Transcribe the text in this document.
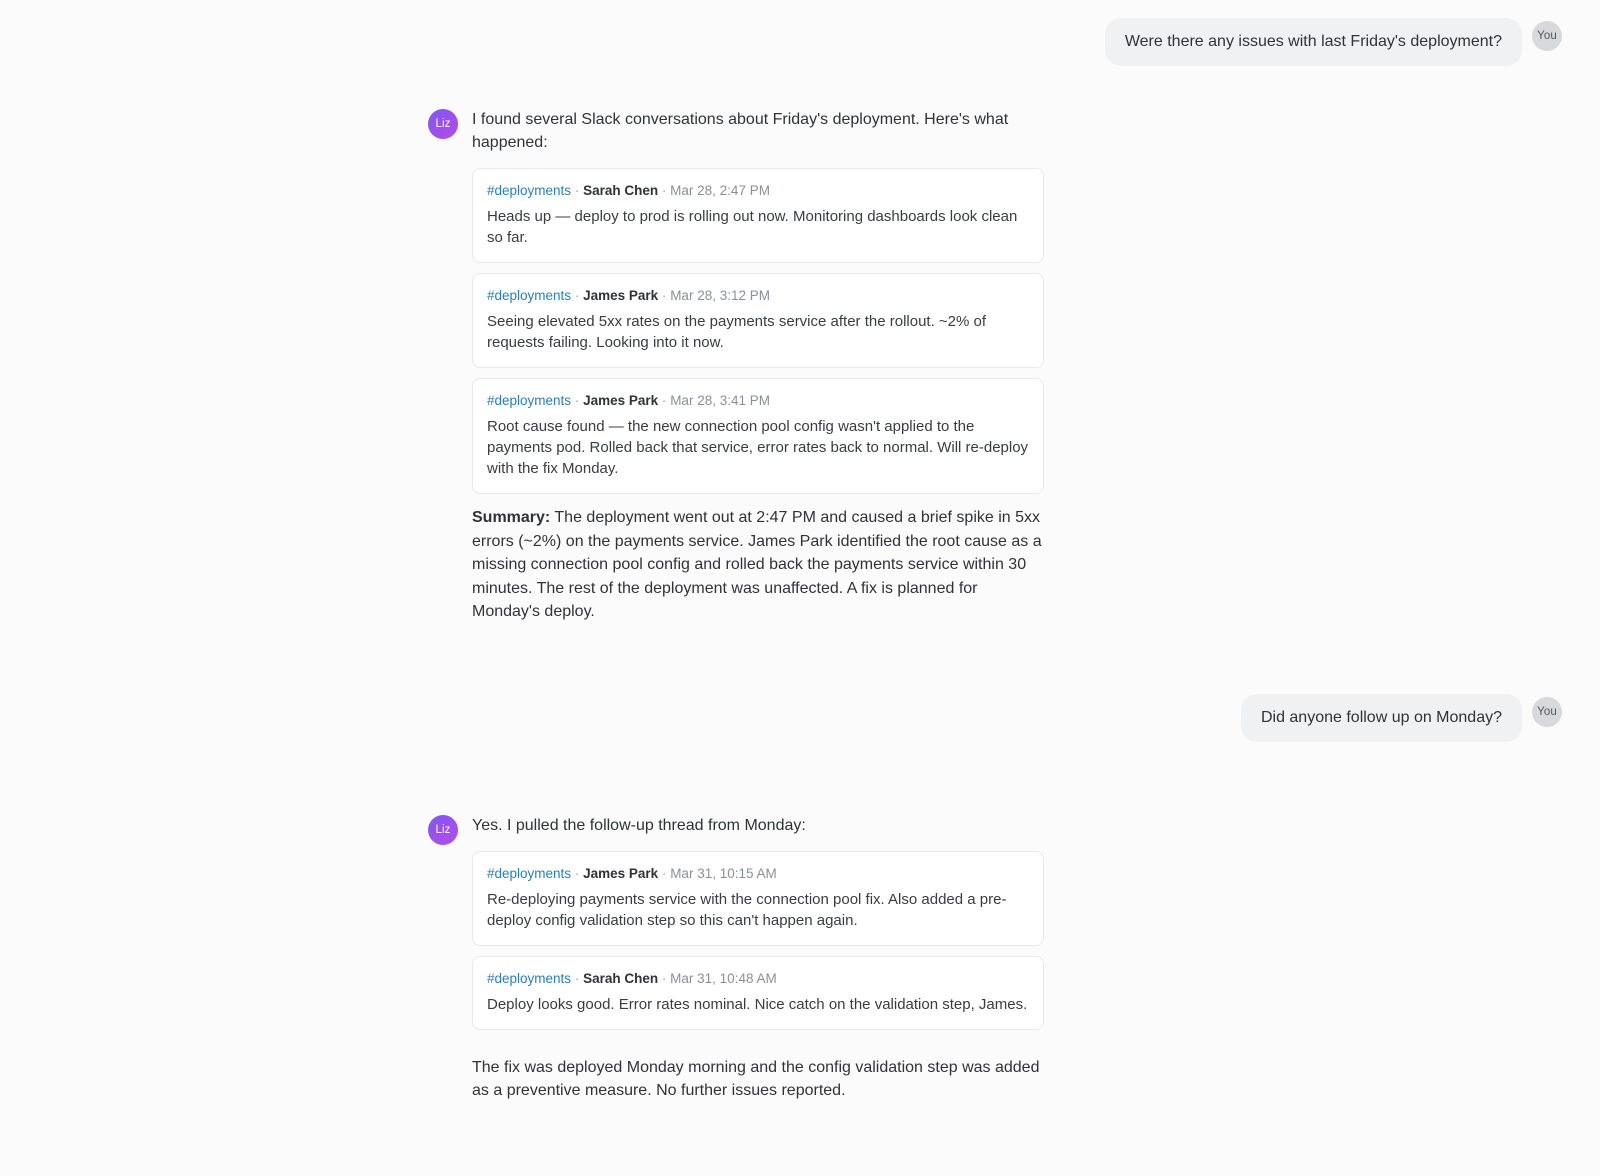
Were there any issues with last Friday's deployment?	You
Liz	I found several Slack conversations about Friday's deployment. Here's what happened:

#deployments · Sarah Chen · Mar 28, 2:47 PM
Heads up — deploy to prod is rolling out now. Monitoring dashboards look clean so far.
#deployments · James Park · Mar 28, 3:12 PM
Seeing elevated 5xx rates on the payments service after the rollout. ~2% of requests failing. Looking into it now.
#deployments · James Park · Mar 28, 3:41 PM
Root cause found — the new connection pool config wasn't applied to the payments pod. Rolled back that service, error rates back to normal. Will re-deploy with the fix Monday.
Summary: The deployment went out at 2:47 PM and caused a brief spike in 5xx errors (~2%) on the payments service. James Park identified the root cause as a missing connection pool config and rolled back the payments service within 30 minutes. The rest of the deployment was unaffected. A fix is planned for Monday's deploy.
Did anyone follow up on Monday?	You
Liz	Yes. I pulled the follow-up thread from Monday:

#deployments · James Park · Mar 31, 10:15 AM
Re-deploying payments service with the connection pool fix. Also added a pre-deploy config validation step so this can't happen again.
#deployments · Sarah Chen · Mar 31, 10:48 AM
Deploy looks good. Error rates nominal. Nice catch on the validation step, James.

The fix was deployed Monday morning and the config validation step was added as a preventive measure. No further issues reported.
